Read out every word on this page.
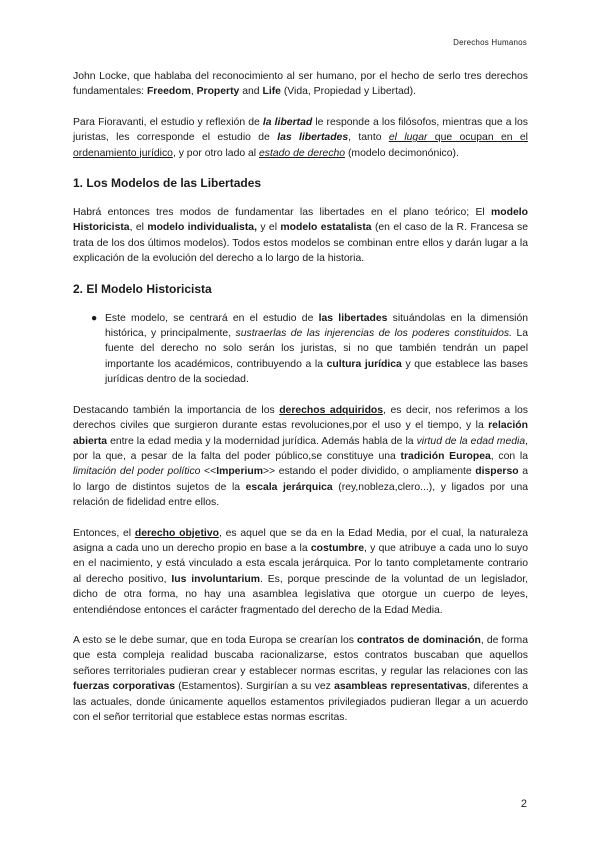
Derechos Humanos

John Locke, que hablaba del reconocimiento al ser humano, por el hecho de serlo tres derechos fundamentales: Freedom, Property and Life (Vida, Propiedad y Libertad).

Para Fioravanti, el estudio y reflexión de la libertad le responde a los filósofos, mientras que a los juristas, les corresponde el estudio de las libertades, tanto el lugar que ocupan en el ordenamiento jurídico, y por otro lado al estado de derecho (modelo decimonónico).

1. Los Modelos de las Libertades

Habrá entonces tres modos de fundamentar las libertades en el plano teórico; El modelo Historicista, el modelo individualista, y el modelo estatalista (en el caso de la R. Francesa se trata de los dos últimos modelos). Todos estos modelos se combinan entre ellos y darán lugar a la explicación de la evolución del derecho a lo largo de la historia.

2. El Modelo Historicista
● Este modelo, se centrará en el estudio de las libertades situándolas en la dimensión histórica, y principalmente, sustraerlas de las injerencias de los poderes constituidos. La fuente del derecho no solo serán los juristas, si no que también tendrán un papel importante los académicos, contribuyendo a la cultura jurídica y que establece las bases jurídicas dentro de la sociedad.

Destacando también la importancia de los derechos adquiridos, es decir, nos referimos a los derechos civiles que surgieron durante estas revoluciones,por el uso y el tiempo, y la relación abierta entre la edad media y la modernidad jurídica. Además habla de la virtud de la edad media, por la que, a pesar de la falta del poder público,se constituye una tradición Europea, con la limitación del poder político <<Imperium>> estando el poder dividido, o ampliamente disperso a lo largo de distintos sujetos de la escala jerárquica (rey,nobleza,clero...), y ligados por una relación de fidelidad entre ellos.

Entonces, el derecho objetivo, es aquel que se da en la Edad Media, por el cual, la naturaleza asigna a cada uno un derecho propio en base a la costumbre, y que atribuye a cada uno lo suyo en el nacimiento, y está vinculado a esta escala jerárquica. Por lo tanto completamente contrario al derecho positivo, Ius involuntarium. Es, porque prescinde de la voluntad de un legislador, dicho de otra forma, no hay una asamblea legislativa que otorgue un cuerpo de leyes, entendiéndose entonces el carácter fragmentado del derecho de la Edad Media.

A esto se le debe sumar, que en toda Europa se crearían los contratos de dominación, de forma que esta compleja realidad buscaba racionalizarse, estos contratos buscaban que aquellos señores territoriales pudieran crear y establecer normas escritas, y regular las relaciones con las fuerzas corporativas (Estamentos). Surgirían a su vez asambleas representativas, diferentes a las actuales, donde únicamente aquellos estamentos privilegiados pudieran llegar a un acuerdo con el señor territorial que establece estas normas escritas.

2
